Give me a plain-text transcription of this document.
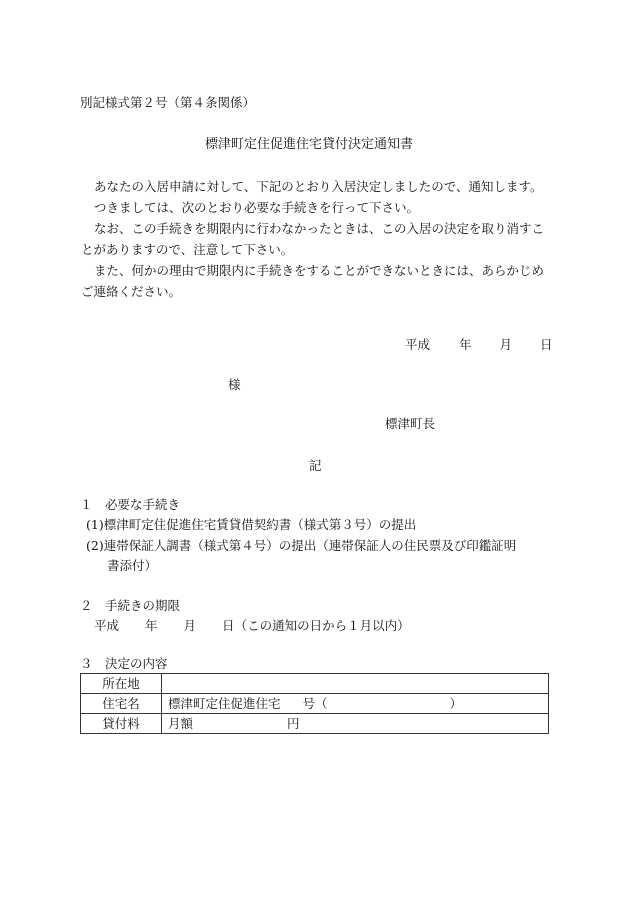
別記様式第２号（第４条関係）
標津町定住促進住宅貸付決定通知書

あなたの入居申請に対して、下記のとおり入居決定しましたので、通知します。

つきましては、次のとおり必要な手続きを行って下さい。

なお、この手続きを期限内に行わなかったときは、この入居の決定を取り消すことがありますので、注意して下さい。

また、何かの理由で期限内に手続きをすることができないときには、あらかじめご連絡ください。

平成 年 月 日
様
標津町長
記
１　必要な手続き
(1)標津町定住促進住宅賃貸借契約書（様式第３号）の提出
(2)連帯保証人調書（様式第４号）の提出（連帯保証人の住民票及び印鑑証明
書添付）
２　手続きの期限
平成 年 月 日（この通知の日から１月以内）
３　決定の内容
所在地	
住宅名	標津町定住促進住宅 号（ ）
貸付料	月額 円
